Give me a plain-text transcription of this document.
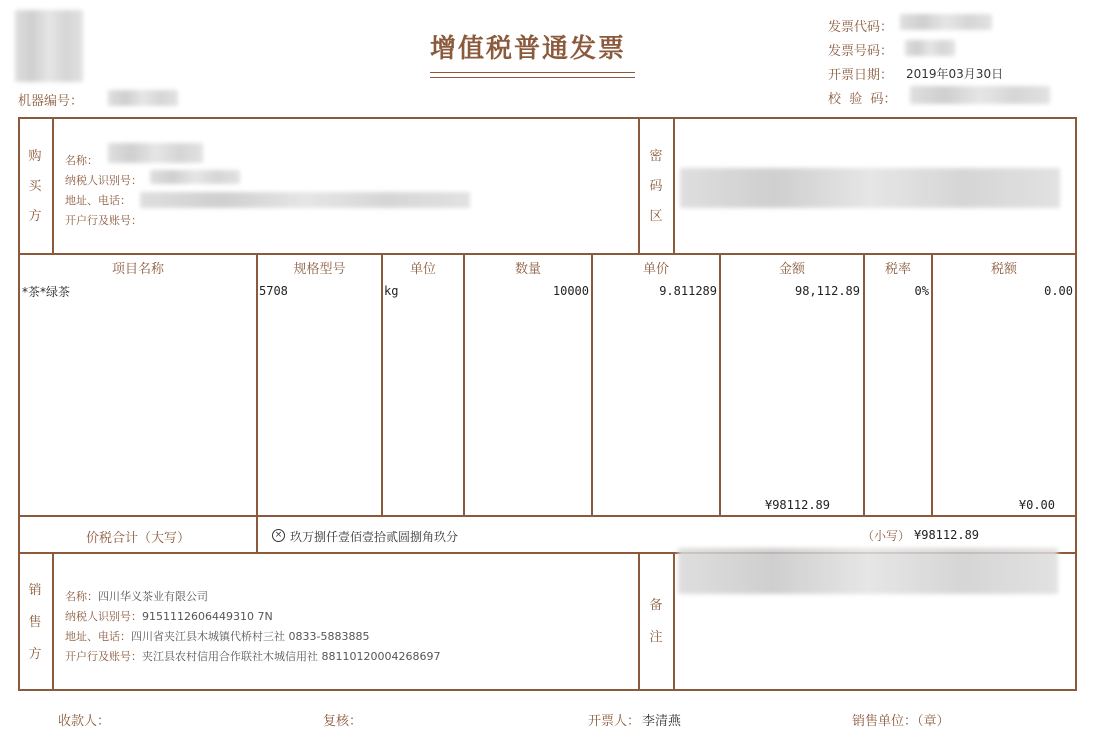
增值税普通发票
机器编号：
发票代码：
发票号码：
开票日期： 2019年03月30日
校  验  码：
购
买
方
名称：
纳税人识别号：
地址、电话：
开户行及账号：
密
码
区
项目名称	规格型号	单位	数量	单价	金额	税率	税额
*茶*绿茶	5708	kg	10000	9.811289	98,112.89	0%	0.00
¥98112.89	¥0.00
价税合计（大写）	× 玖万捌仟壹佰壹拾贰圆捌角玖分	（小写） ¥98112.89
销
售
方
名称：四川华义茶业有限公司
纳税人识别号：9151112606449310 7N
地址、电话：四川省夹江县木城镇代桥村三社 0833-5883885
开户行及账号：夹江县农村信用合作联社木城信用社 88110120004268697
备
注
收款人：	复核：	开票人： 李清燕	销售单位：（章）
